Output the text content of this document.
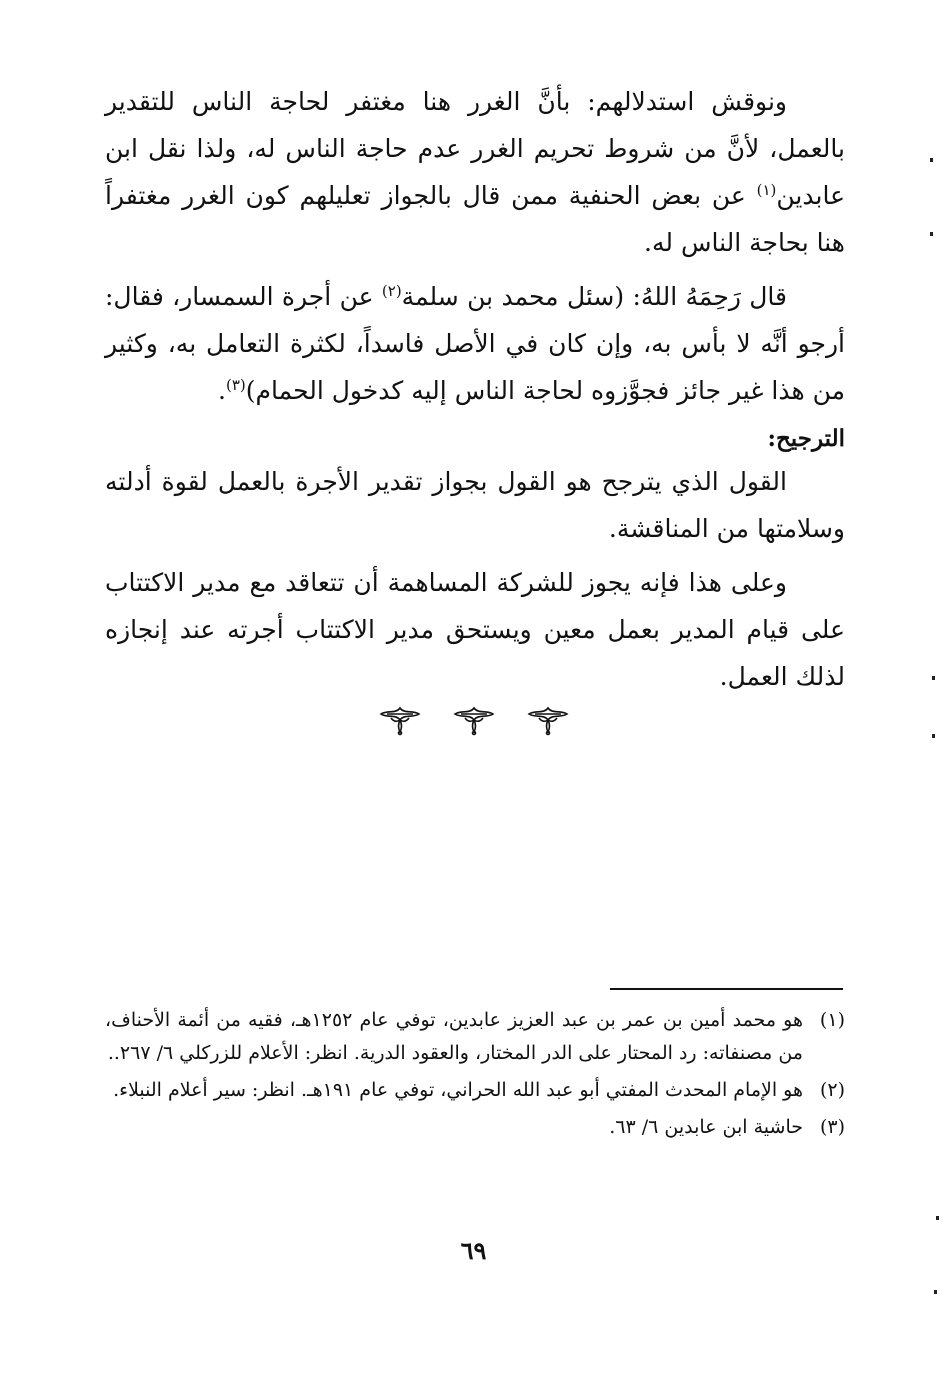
ونوقش استدلالهم: بأنَّ الغرر هنا مغتفر لحاجة الناس للتقدير بالعمل، لأنَّ من شروط تحريم الغرر عدم حاجة الناس له، ولذا نقل ابن عابدين$^{(١)}$ عن بعض الحنفية ممن قال بالجواز تعليلهم كون الغرر مغتفراً هنا بحاجة الناس له.

قال رَحِمَهُ اللهُ: (سئل محمد بن سلمة$^{(٢)}$ عن أجرة السمسار، فقال: أرجو أنَّه لا بأس به، وإن كان في الأصل فاسداً، لكثرة التعامل به، وكثير من هذا غير جائز فجوَّزوه لحاجة الناس إليه كدخول الحمام)$^{(٣)}$.

الترجيح:

القول الذي يترجح هو القول بجواز تقدير الأجرة بالعمل لقوة أدلته وسلامتها من المناقشة.

وعلى هذا فإنه يجوز للشركة المساهمة أن تتعاقد مع مدير الاكتتاب على قيام المدير بعمل معين ويستحق مدير الاكتتاب أجرته عند إنجازه لذلك العمل.

(١)هو محمد أمين بن عمر بن عبد العزيز عابدين، توفي عام ١٢٥٢هـ، فقيه من أئمة الأحناف، من مصنفاته: رد المحتار على الدر المختار، والعقود الدرية. انظر: الأعلام للزركلي ٦/ ٢٦٧..

(٢)هو الإمام المحدث المفتي أبو عبد الله الحراني، توفي عام ١٩١هـ. انظر: سير أعلام النبلاء.

(٣)حاشية ابن عابدين ٦/ ٦٣.

٦٩
